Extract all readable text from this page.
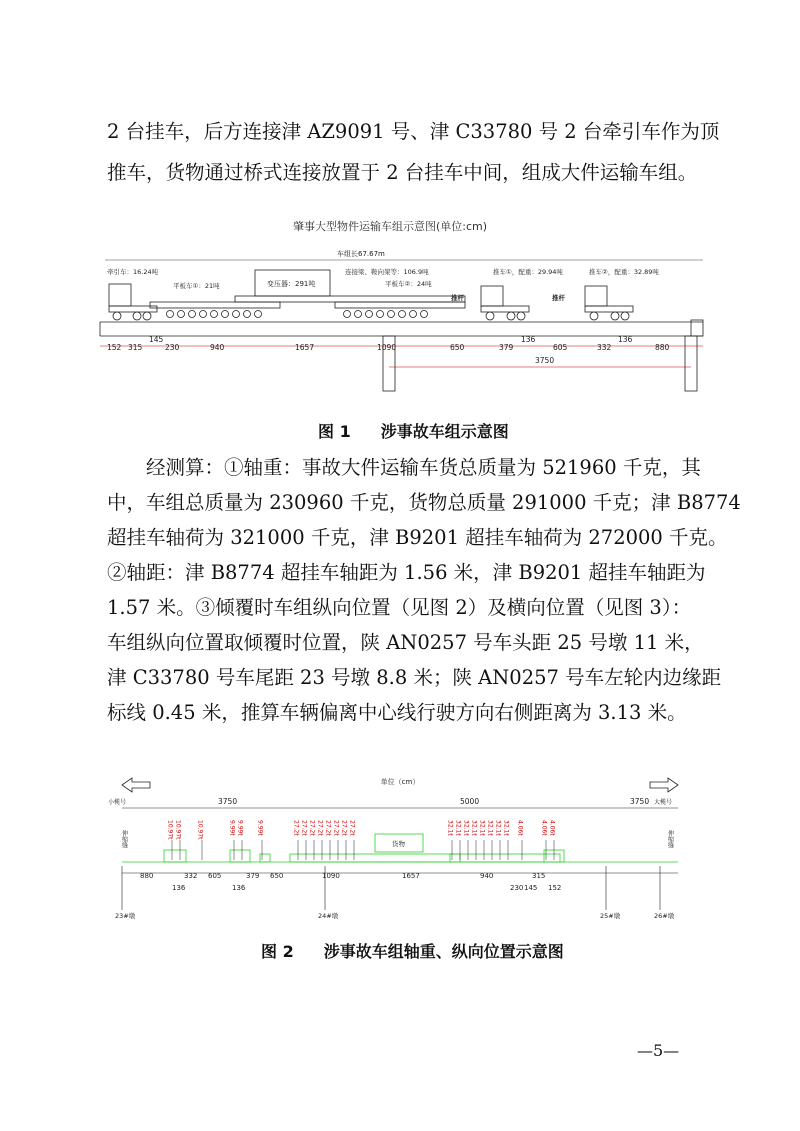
2 台挂车，后方连接津 AZ9091 号、津 C33780 号 2 台牵引车作为顶

推车，货物通过桥式连接放置于 2 台挂车中间，组成大件运输车组。

肇事大型物件运输车组示意图(单位:cm)
车组长67.67m
牵引车：16.24吨
平板车①：21吨	变压器：291吨
连接梁、鞍向架等：106.9吨
平板车②：24吨
推杆	推杆
推车①，配重：29.94吨	推车②，配重：32.89吨
152 315
145
230	940	1657	1090	650	379
136
605	332
136
880
3750
图 1 涉事故车组示意图

经测算：①轴重：事故大件运输车货总质量为 521960 千克，其

中，车组总质量为 230960 千克，货物总质量 291000 千克；津 B8774

超挂车轴荷为 321000 千克，津 B9201 超挂车轴荷为 272000 千克。

②轴距：津 B8774 超挂车轴距为 1.56 米，津 B9201 超挂车轴距为

1.57 米。③倾覆时车组纵向位置（见图 2）及横向位置（见图 3）：

车组纵向位置取倾覆时位置，陕 AN0257 号车头距 25 号墩 11 米，

津 C33780 号车尾距 23 号墩 8.8 米；陕 AN0257 号车左轮内边缘距

标线 0.45 米，推算车辆偏离中心线行驶方向右侧距离为 3.13 米。

小榄号	大榄号
单位（cm）
3750	5000	3750
伸缩缝	伸缩缝
货物
10.97t 10.97t	10.97t	9.99t 9.99t 9.99t	27.2t 27.2t 27.2t 27.2t 27.2t 27.2t 27.2t 27.2t	32.1t 32.1t 32.1t 32.1t 32.1t 32.1t 32.1t 32.1t 4.06t	4.06t 4.06t
880	332 605	379 650	1090	1657	940
230 145
315
152
136	136
23#墩	24#墩	25#墩	26#墩
图 2 涉事故车组轴重、纵向位置示意图
—5—
